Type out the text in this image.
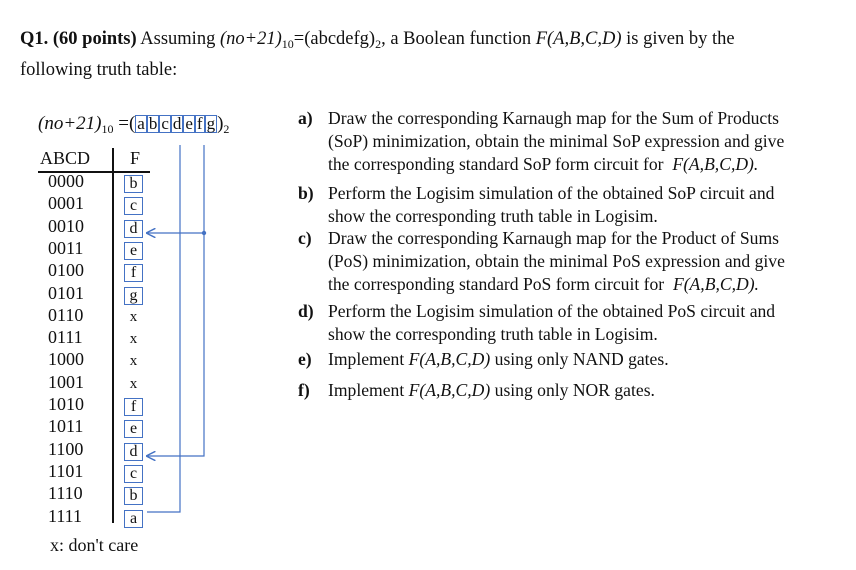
Q1. (60 points) Assuming $(no+21)_{10}=(abcdefg)_2$, a Boolean function F(A,B,C,D) is given by the
following truth table:
$(no+21)_{10}$ =( a b c d e f g )$_2$
ABCD F
0000	b
0001	c
0010	d
0011	e
0100	f
0101	g
0110	x
0111	x
1000	x
1001	x
1010	f
1011	e
1100	d
1101	c
1110	b
1111	a
x: don't care
a) Draw the corresponding Karnaugh map for the Sum of Products
(SoP) minimization, obtain the minimal SoP expression and give
the corresponding standard SoP form circuit for F(A,B,C,D).
b) Perform the Logisim simulation of the obtained SoP circuit and
show the corresponding truth table in Logisim.
c) Draw the corresponding Karnaugh map for the Product of Sums
(PoS) minimization, obtain the minimal PoS expression and give
the corresponding standard PoS form circuit for F(A,B,C,D).
d) Perform the Logisim simulation of the obtained PoS circuit and
show the corresponding truth table in Logisim.
e) Implement F(A,B,C,D) using only NAND gates.
f) Implement F(A,B,C,D) using only NOR gates.
